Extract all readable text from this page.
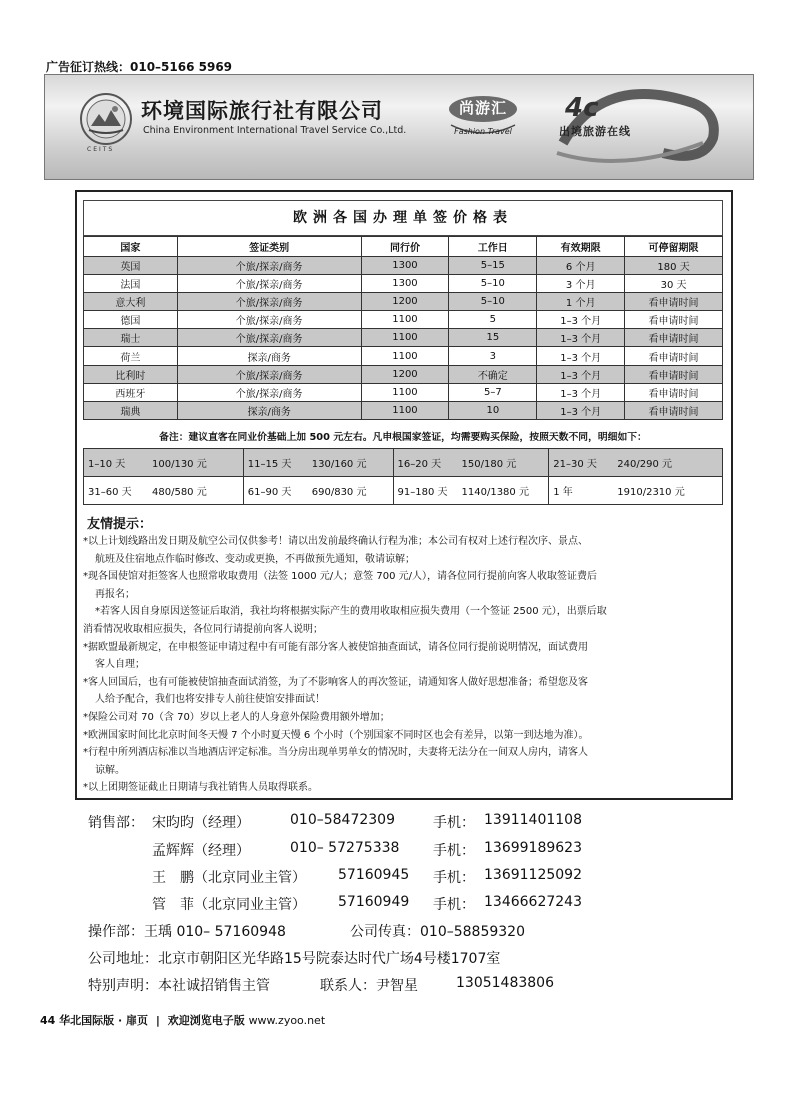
广告征订热线：010–5166 5969
CEITS
环境国际旅行社有限公司
China Environment International Travel Service Co.,Ltd.
尚游汇
Fashion Travel
4c
出境旅游在线
欧洲各国办理单签价格表
国家	签证类别	同行价	工作日	有效期限	可停留期限
英国	个旅/探亲/商务	1300	5–15	6 个月	180 天
法国	个旅/探亲/商务	1300	5–10	3 个月	30 天
意大利	个旅/探亲/商务	1200	5–10	1 个月	看申请时间
德国	个旅/探亲/商务	1100	5	1–3 个月	看申请时间
瑞士	个旅/探亲/商务	1100	15	1–3 个月	看申请时间
荷兰	探亲/商务	1100	3	1–3 个月	看申请时间
比利时	个旅/探亲/商务	1200	不确定	1–3 个月	看申请时间
西班牙	个旅/探亲/商务	1100	5–7	1–3 个月	看申请时间
瑞典	探亲/商务	1100	10	1–3 个月	看申请时间
备注：建议直客在同业价基础上加 500 元左右。凡申根国家签证，均需要购买保险，按照天数不同，明细如下：
1–10 天 100/130 元	11–15 天 130/160 元	16–20 天 150/180 元	21–30 天 240/290 元
31–60 天 480/580 元	61–90 天 690/830 元	91–180 天 1140/1380 元	1 年 1910/2310 元
友情提示：

*以上计划线路出发日期及航空公司仅供参考！请以出发前最终确认行程为准；本公司有权对上述行程次序、景点、

航班及住宿地点作临时修改、变动或更换，不再做预先通知，敬请谅解；

*现各国使馆对拒签客人也照常收取费用（法签 1000 元/人；意签 700 元/人），请各位同行提前向客人收取签证费后

再报名；

*若客人因自身原因送签证后取消，我社均将根据实际产生的费用收取相应损失费用（一个签证 2500 元），出票后取

消看情况收取相应损失，各位同行请提前向客人说明；

*据欧盟最新规定，在申根签证申请过程中有可能有部分客人被使馆抽查面试，请各位同行提前说明情况，面试费用

客人自理；

*客人回国后，也有可能被使馆抽查面试消签，为了不影响客人的再次签证，请通知客人做好思想准备；希望您及客

人给予配合，我们也将安排专人前往使馆安排面试！

*保险公司对 70（含 70）岁以上老人的人身意外保险费用额外增加；

*欧洲国家时间比北京时间冬天慢 7 个小时夏天慢 6 个小时（个别国家不同时区也会有差异，以第一到达地为准）。

*行程中所列酒店标准以当地酒店评定标准。当分房出现单男单女的情况时，夫妻将无法分在一间双人房内，请客人

谅解。

*以上团期签证截止日期请与我社销售人员取得联系。

销售部： 宋昀昀（经理）	010–58472309	手机： 13911401108
孟辉辉（经理）	010– 57275338 手机： 13699189623
王　鹏（北京同业主管） 57160945 手机： 13691125092
管　菲（北京同业主管） 57160949 手机： 13466627243
操作部：王瑀 010– 57160948	公司传真：010–58859320
公司地址：北京市朝阳区光华路15号院泰达时代广场4号楼1707室
特别声明：本社诚招销售主管	联系人：尹智星	13051483806
44 华北国际版 · 扉页 | 欢迎浏览电子版 www.zyoo.net
